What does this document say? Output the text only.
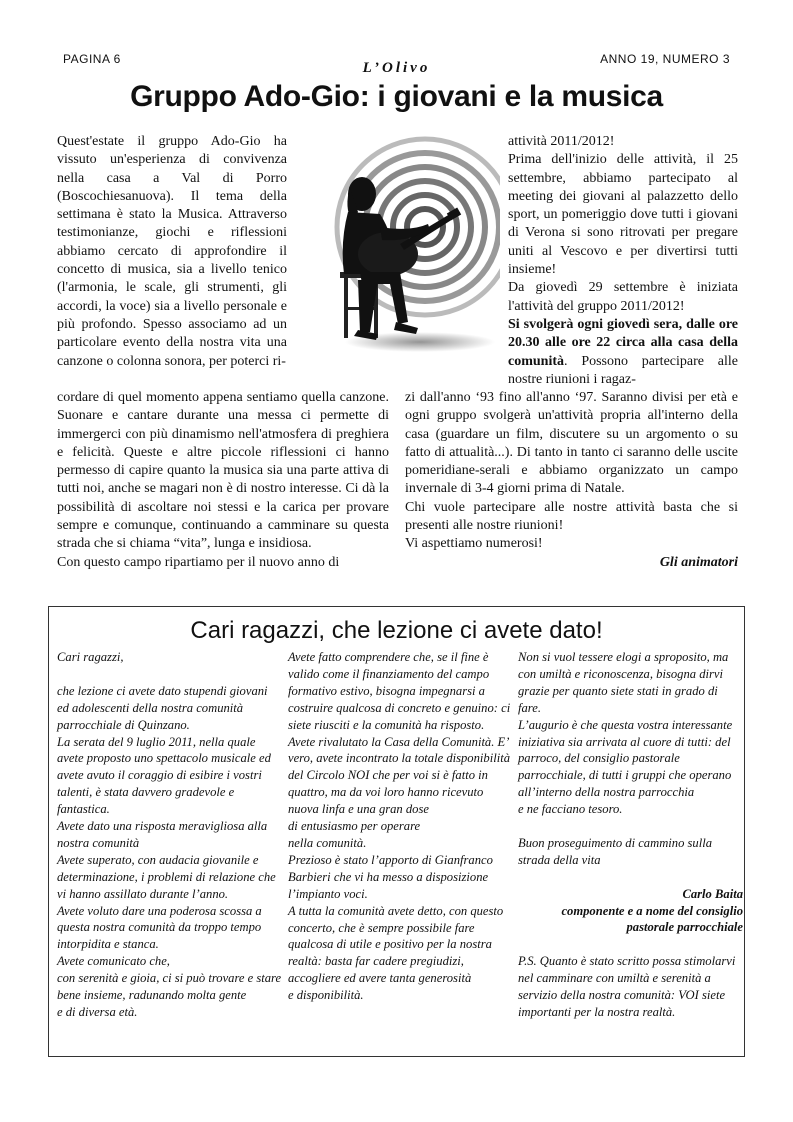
PAGINA 6
L’Olivo
ANNO 19, NUMERO 3
Gruppo Ado-Gio: i giovani e la musica

Quest'estate il gruppo Ado-Gio ha vissuto un'esperienza di convivenza nella casa a Val di Porro (Boscochiesanuova). Il tema della settimana è stato la Musica. Attraverso testimonianze, giochi e riflessioni abbiamo cercato di approfondire il concetto di musica, sia a livello tenico (l'armonia, le scale, gli strumenti, gli accordi, la voce) sia a livello personale e più profondo. Spesso associamo ad un particolare evento della nostra vita una canzone o colonna sonora, per poterci ri-

attività 2011/2012!

Prima dell'inizio delle attività, il 25 settembre, abbiamo partecipato al meeting dei giovani al palazzetto dello sport, un pomeriggio dove tutti i giovani di Verona si sono ritrovati per pregare uniti al Vescovo e per divertirsi tutti insieme!

Da giovedì 29 settembre è iniziata l'attività del gruppo 2011/2012!

Si svolgerà ogni giovedì sera, dalle ore 20.30 alle ore 22 circa alla casa della comunità. Possono partecipare alle nostre riunioni i ragaz-

cordare di quel momento appena sentiamo quella canzone. Suonare e cantare durante una messa ci permette di immergerci con più dinamismo nell'atmosfera di preghiera e felicità. Queste e altre piccole riflessioni ci hanno permesso di capire quanto la musica sia una parte attiva di tutti noi, anche se magari non è di nostro interesse. Ci dà la possibilità di ascoltare noi stessi e la carica per provare sempre e comunque, continuando a camminare su questa strada che si chiama “vita”, lunga e insidiosa.

Con questo campo ripartiamo per il nuovo anno di

zi dall'anno ‘93 fino all'anno ‘97. Saranno divisi per età e ogni gruppo svolgerà un'attività propria all'interno della casa (guardare un film, discutere su un argomento o su fatto di attualità...). Di tanto in tanto ci saranno delle uscite pomeridiane-serali e abbiamo organizzato un campo invernale di 3-4 giorni prima di Natale.

Chi vuole partecipare alle nostre attività basta che si presenti alle nostre riunioni!

Vi aspettiamo numerosi!

Gli animatori

Cari ragazzi, che lezione ci avete dato!

Cari ragazzi,

che lezione ci avete dato stupendi giovani ed adolescenti della nostra comunità parrocchiale di Quinzano.

La serata del 9 luglio 2011, nella quale avete proposto uno spettacolo musicale ed avete avuto il coraggio di esibire i vostri talenti, è stata davvero gradevole e fantastica.

Avete dato una risposta meravigliosa alla nostra comunità

Avete superato, con audacia giovanile e determinazione, i problemi di relazione che vi hanno assillato durante l’anno.

Avete voluto dare una poderosa scossa a questa nostra comunità da troppo tempo intorpidita e stanca.

Avete comunicato che,

con serenità e gioia, ci si può trovare e stare bene insieme, radunando molta gente

e di diversa età.

Avete fatto comprendere che, se il fine è valido come il finanziamento del campo formativo estivo, bisogna impegnarsi a costruire qualcosa di concreto e genuino: ci siete riusciti e la comunità ha risposto.

Avete rivalutato la Casa della Comunità. E’ vero, avete incontrato la totale disponibilità del Circolo NOI che per voi si è fatto in quattro, ma da voi loro hanno ricevuto nuova linfa e una gran dose

di entusiasmo per operare

nella comunità.

Prezioso è stato l’apporto di Gianfranco Barbieri che vi ha messo a disposizione l’impianto voci.

A tutta la comunità avete detto, con questo concerto, che è sempre possibile fare qualcosa di utile e positivo per la nostra realtà: basta far cadere pregiudizi, accogliere ed avere tanta generosità

e disponibilità.

Non si vuol tessere elogi a sproposito, ma con umiltà e riconoscenza, bisogna dirvi grazie per quanto siete stati in grado di fare.

L’augurio è che questa vostra interessante iniziativa sia arrivata al cuore di tutti: del parroco, del consiglio pastorale parrocchiale, di tutti i gruppi che operano

all’interno della nostra parrocchia

e ne facciano tesoro.

Buon proseguimento di cammino sulla strada della vita

Carlo Baita

componente e a nome del consiglio pastorale parrocchiale

P.S. Quanto è stato scritto possa stimolarvi nel camminare con umiltà e serenità a servizio della nostra comunità: VOI siete importanti per la nostra realtà.
